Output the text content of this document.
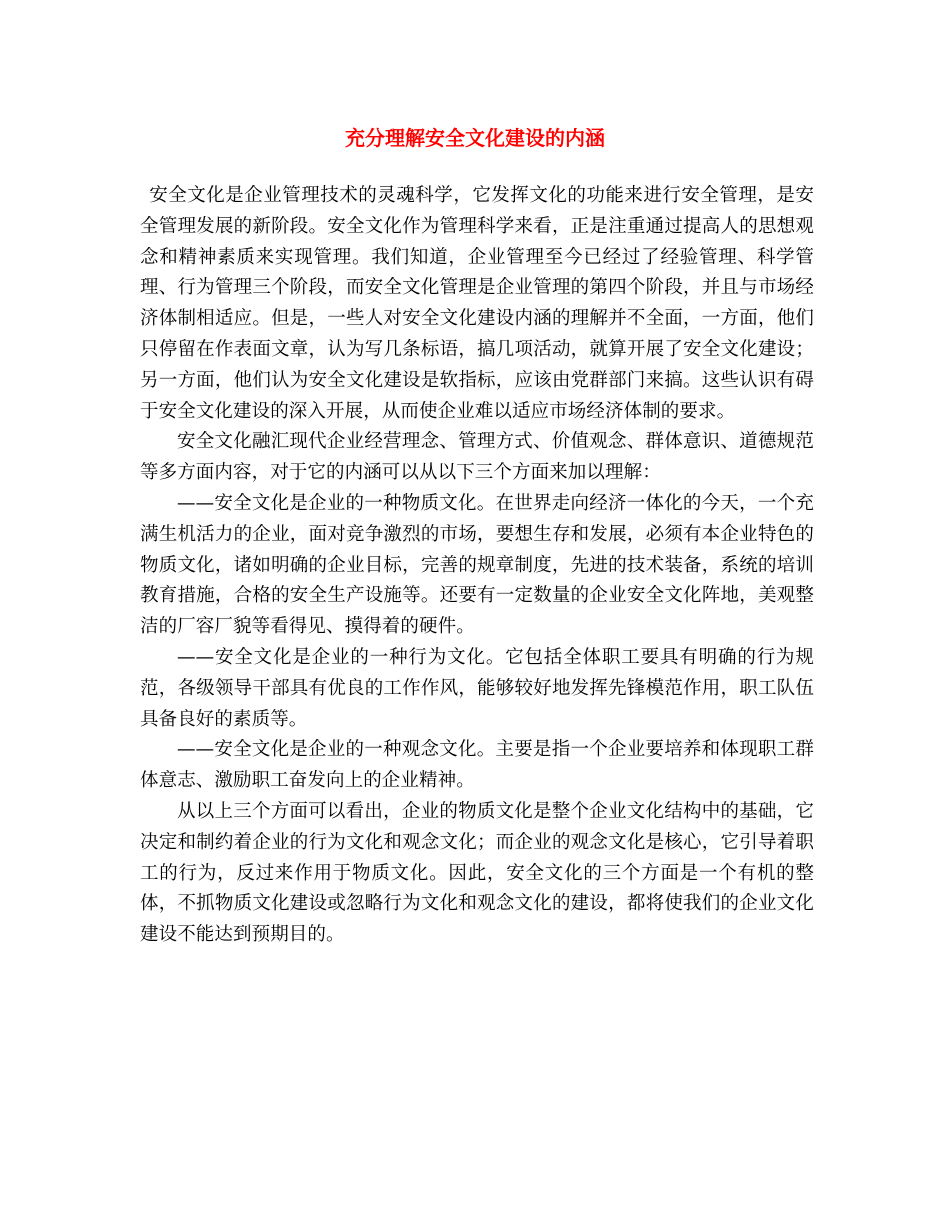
充分理解安全文化建设的内涵

安全文化是企业管理技术的灵魂科学，它发挥文化的功能来进行安全管理，是安全管理发展的新阶段。安全文化作为管理科学来看，正是注重通过提高人的思想观念和精神素质来实现管理。我们知道，企业管理至今已经过了经验管理、科学管理、行为管理三个阶段，而安全文化管理是企业管理的第四个阶段，并且与市场经济体制相适应。但是，一些人对安全文化建设内涵的理解并不全面，一方面，他们只停留在作表面文章，认为写几条标语，搞几项活动，就算开展了安全文化建设；另一方面，他们认为安全文化建设是软指标，应该由党群部门来搞。这些认识有碍于安全文化建设的深入开展，从而使企业难以适应市场经济体制的要求。

安全文化融汇现代企业经营理念、管理方式、价值观念、群体意识、道德规范等多方面内容，对于它的内涵可以从以下三个方面来加以理解：

——安全文化是企业的一种物质文化。在世界走向经济一体化的今天，一个充满生机活力的企业，面对竞争激烈的市场，要想生存和发展，必须有本企业特色的物质文化，诸如明确的企业目标，完善的规章制度，先进的技术装备，系统的培训教育措施，合格的安全生产设施等。还要有一定数量的企业安全文化阵地，美观整洁的厂容厂貌等看得见、摸得着的硬件。

——安全文化是企业的一种行为文化。它包括全体职工要具有明确的行为规范，各级领导干部具有优良的工作作风，能够较好地发挥先锋模范作用，职工队伍具备良好的素质等。

——安全文化是企业的一种观念文化。主要是指一个企业要培养和体现职工群体意志、激励职工奋发向上的企业精神。

从以上三个方面可以看出，企业的物质文化是整个企业文化结构中的基础，它决定和制约着企业的行为文化和观念文化；而企业的观念文化是核心，它引导着职工的行为，反过来作用于物质文化。因此，安全文化的三个方面是一个有机的整体，不抓物质文化建设或忽略行为文化和观念文化的建设，都将使我们的企业文化建设不能达到预期目的。
